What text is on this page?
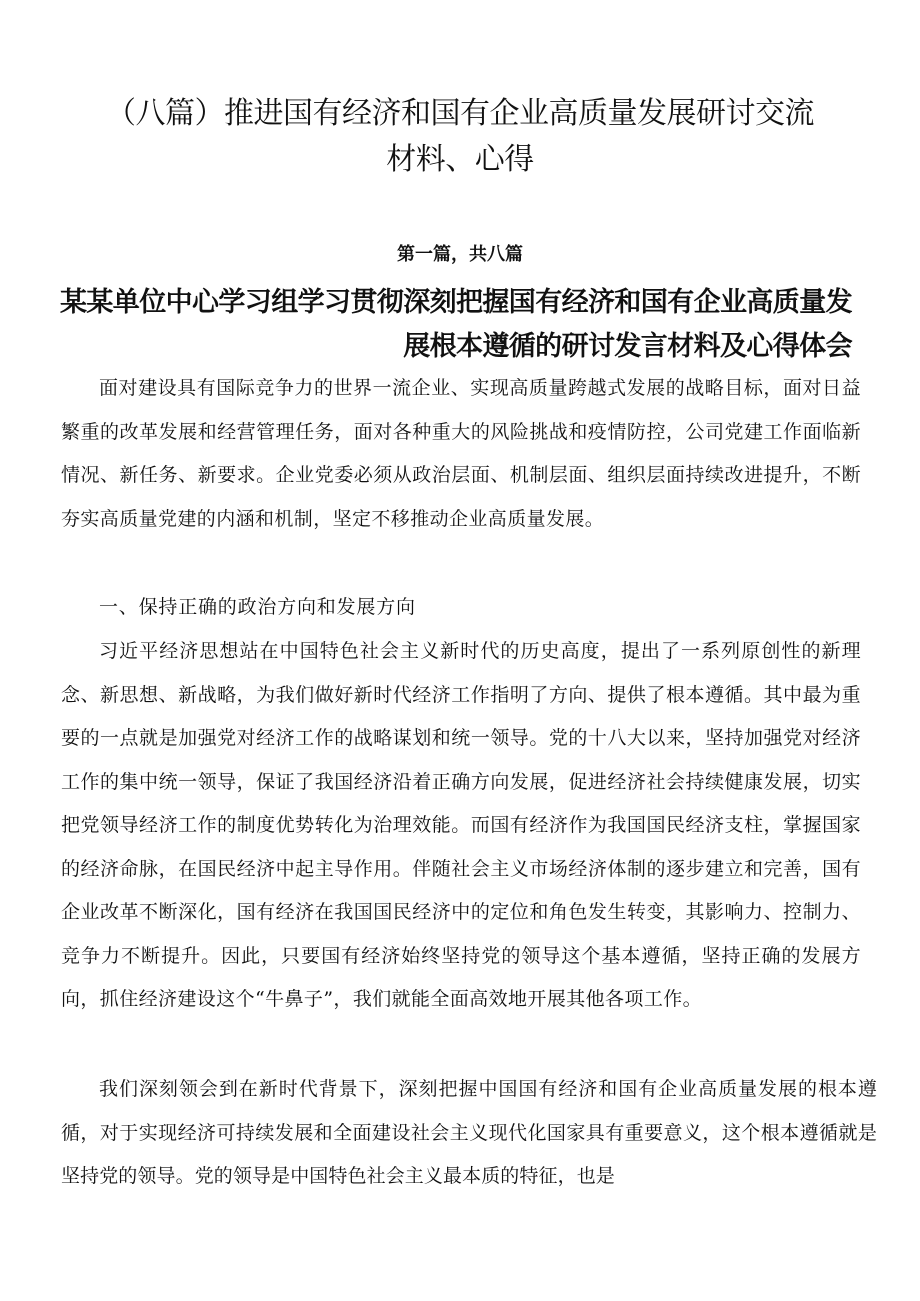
（八篇）推进国有经济和国有企业高质量发展研讨交流
材料、心得

第一篇，共八篇

某某单位中心学习组学习贯彻深刻把握国有经济和国有企业高质量发
展根本遵循的研讨发言材料及心得体会

面对建设具有国际竞争力的世界一流企业、实现高质量跨越式发展的战略目标，面对日益繁重的改革发展和经营管理任务，面对各种重大的风险挑战和疫情防控，公司党建工作面临新情况、新任务、新要求。企业党委必须从政治层面、机制层面、组织层面持续改进提升，不断夯实高质量党建的内涵和机制，坚定不移推动企业高质量发展。

一、保持正确的政治方向和发展方向

习近平经济思想站在中国特色社会主义新时代的历史高度，提出了一系列原创性的新理念、新思想、新战略，为我们做好新时代经济工作指明了方向、提供了根本遵循。其中最为重要的一点就是加强党对经济工作的战略谋划和统一领导。党的十八大以来，坚持加强党对经济工作的集中统一领导，保证了我国经济沿着正确方向发展，促进经济社会持续健康发展，切实把党领导经济工作的制度优势转化为治理效能。而国有经济作为我国国民经济支柱，掌握国家的经济命脉，在国民经济中起主导作用。伴随社会主义市场经济体制的逐步建立和完善，国有企业改革不断深化，国有经济在我国国民经济中的定位和角色发生转变，其影响力、控制力、竞争力不断提升。因此，只要国有经济始终坚持党的领导这个基本遵循，坚持正确的发展方向，抓住经济建设这个“牛鼻子”，我们就能全面高效地开展其他各项工作。

我们深刻领会到在新时代背景下，深刻把握中国国有经济和国有企业高质量发展的根本遵循，对于实现经济可持续发展和全面建设社会主义现代化国家具有重要意义，这个根本遵循就是坚持党的领导。党的领导是中国特色社会主义最本质的特征，也是
